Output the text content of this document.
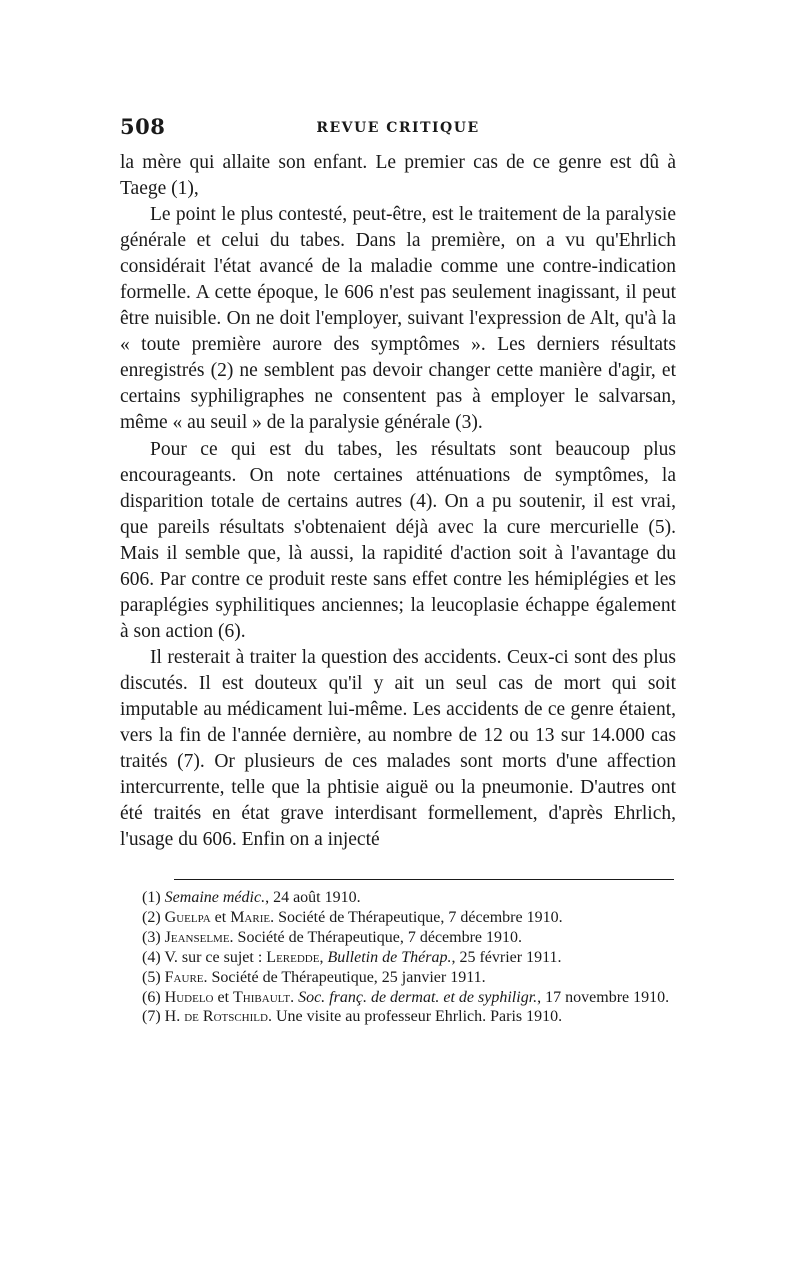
508	REVUE CRITIQUE

la mère qui allaite son enfant. Le premier cas de ce genre est dû à Taege (1),

Le point le plus contesté, peut-être, est le traitement de la paralysie générale et celui du tabes. Dans la première, on a vu qu'Ehrlich considérait l'état avancé de la maladie comme une contre-indication formelle. A cette époque, le 606 n'est pas seulement inagissant, il peut être nuisible. On ne doit l'employer, suivant l'expression de Alt, qu'à la « toute première aurore des symptômes ». Les derniers résultats enregistrés (2) ne semblent pas devoir changer cette manière d'agir, et certains syphiligraphes ne consentent pas à employer le salvarsan, même « au seuil » de la paralysie générale (3).

Pour ce qui est du tabes, les résultats sont beaucoup plus encourageants. On note certaines atténuations de symptômes, la disparition totale de certains autres (4). On a pu soutenir, il est vrai, que pareils résultats s'obtenaient déjà avec la cure mercurielle (5). Mais il semble que, là aussi, la rapidité d'action soit à l'avantage du 606. Par contre ce produit reste sans effet contre les hémiplégies et les paraplégies syphilitiques anciennes; la leucoplasie échappe également à son action (6).

Il resterait à traiter la question des accidents. Ceux-ci sont des plus discutés. Il est douteux qu'il y ait un seul cas de mort qui soit imputable au médicament lui-même. Les accidents de ce genre étaient, vers la fin de l'année dernière, au nombre de 12 ou 13 sur 14.000 cas traités (7). Or plusieurs de ces malades sont morts d'une affection intercurrente, telle que la phtisie aiguë ou la pneumonie. D'autres ont été traités en état grave interdisant formellement, d'après Ehrlich, l'usage du 606. Enfin on a injecté

(1) Semaine médic., 24 août 1910.

(2) Guelpa et Marie. Société de Thérapeutique, 7 décembre 1910.

(3) Jeanselme. Société de Thérapeutique, 7 décembre 1910.

(4) V. sur ce sujet : Leredde, Bulletin de Thérap., 25 février 1911.

(5) Faure. Société de Thérapeutique, 25 janvier 1911.

(6) Hudelo et Thibault. Soc. franç. de dermat. et de syphiligr., 17 novembre 1910.

(7) H. de Rotschild. Une visite au professeur Ehrlich. Paris 1910.
